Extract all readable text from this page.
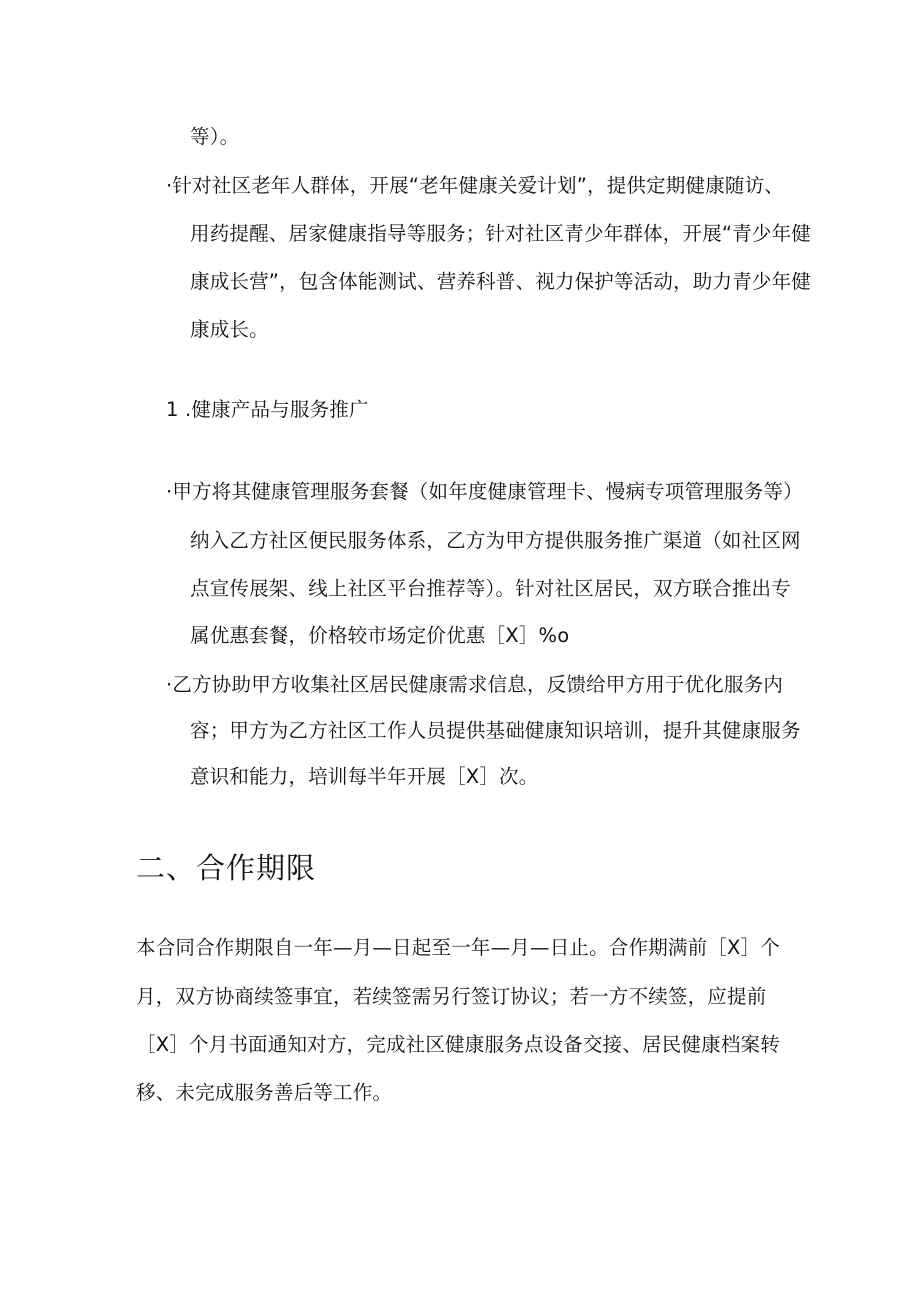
等）。
·针对社区老年人群体，开展“老年健康关爱计划”，提供定期健康随访、
用药提醒、居家健康指导等服务；针对社区青少年群体，开展“青少年健
康成长营”，包含体能测试、营养科普、视力保护等活动，助力青少年健
康成长。
1 .健康产品与服务推广
·甲方将其健康管理服务套餐（如年度健康管理卡、慢病专项管理服务等）
纳入乙方社区便民服务体系，乙方为甲方提供服务推广渠道（如社区网
点宣传展架、线上社区平台推荐等）。针对社区居民，双方联合推出专
属优惠套餐，价格较市场定价优惠［X］%o
·乙方协助甲方收集社区居民健康需求信息，反馈给甲方用于优化服务内
容；甲方为乙方社区工作人员提供基础健康知识培训，提升其健康服务
意识和能力，培训每半年开展［X］次。
二、合作期限
本合同合作期限自一年—月—日起至一年—月—日止。合作期满前［X］个
月，双方协商续签事宜，若续签需另行签订协议；若一方不续签，应提前
［X］个月书面通知对方，完成社区健康服务点设备交接、居民健康档案转
移、未完成服务善后等工作。
